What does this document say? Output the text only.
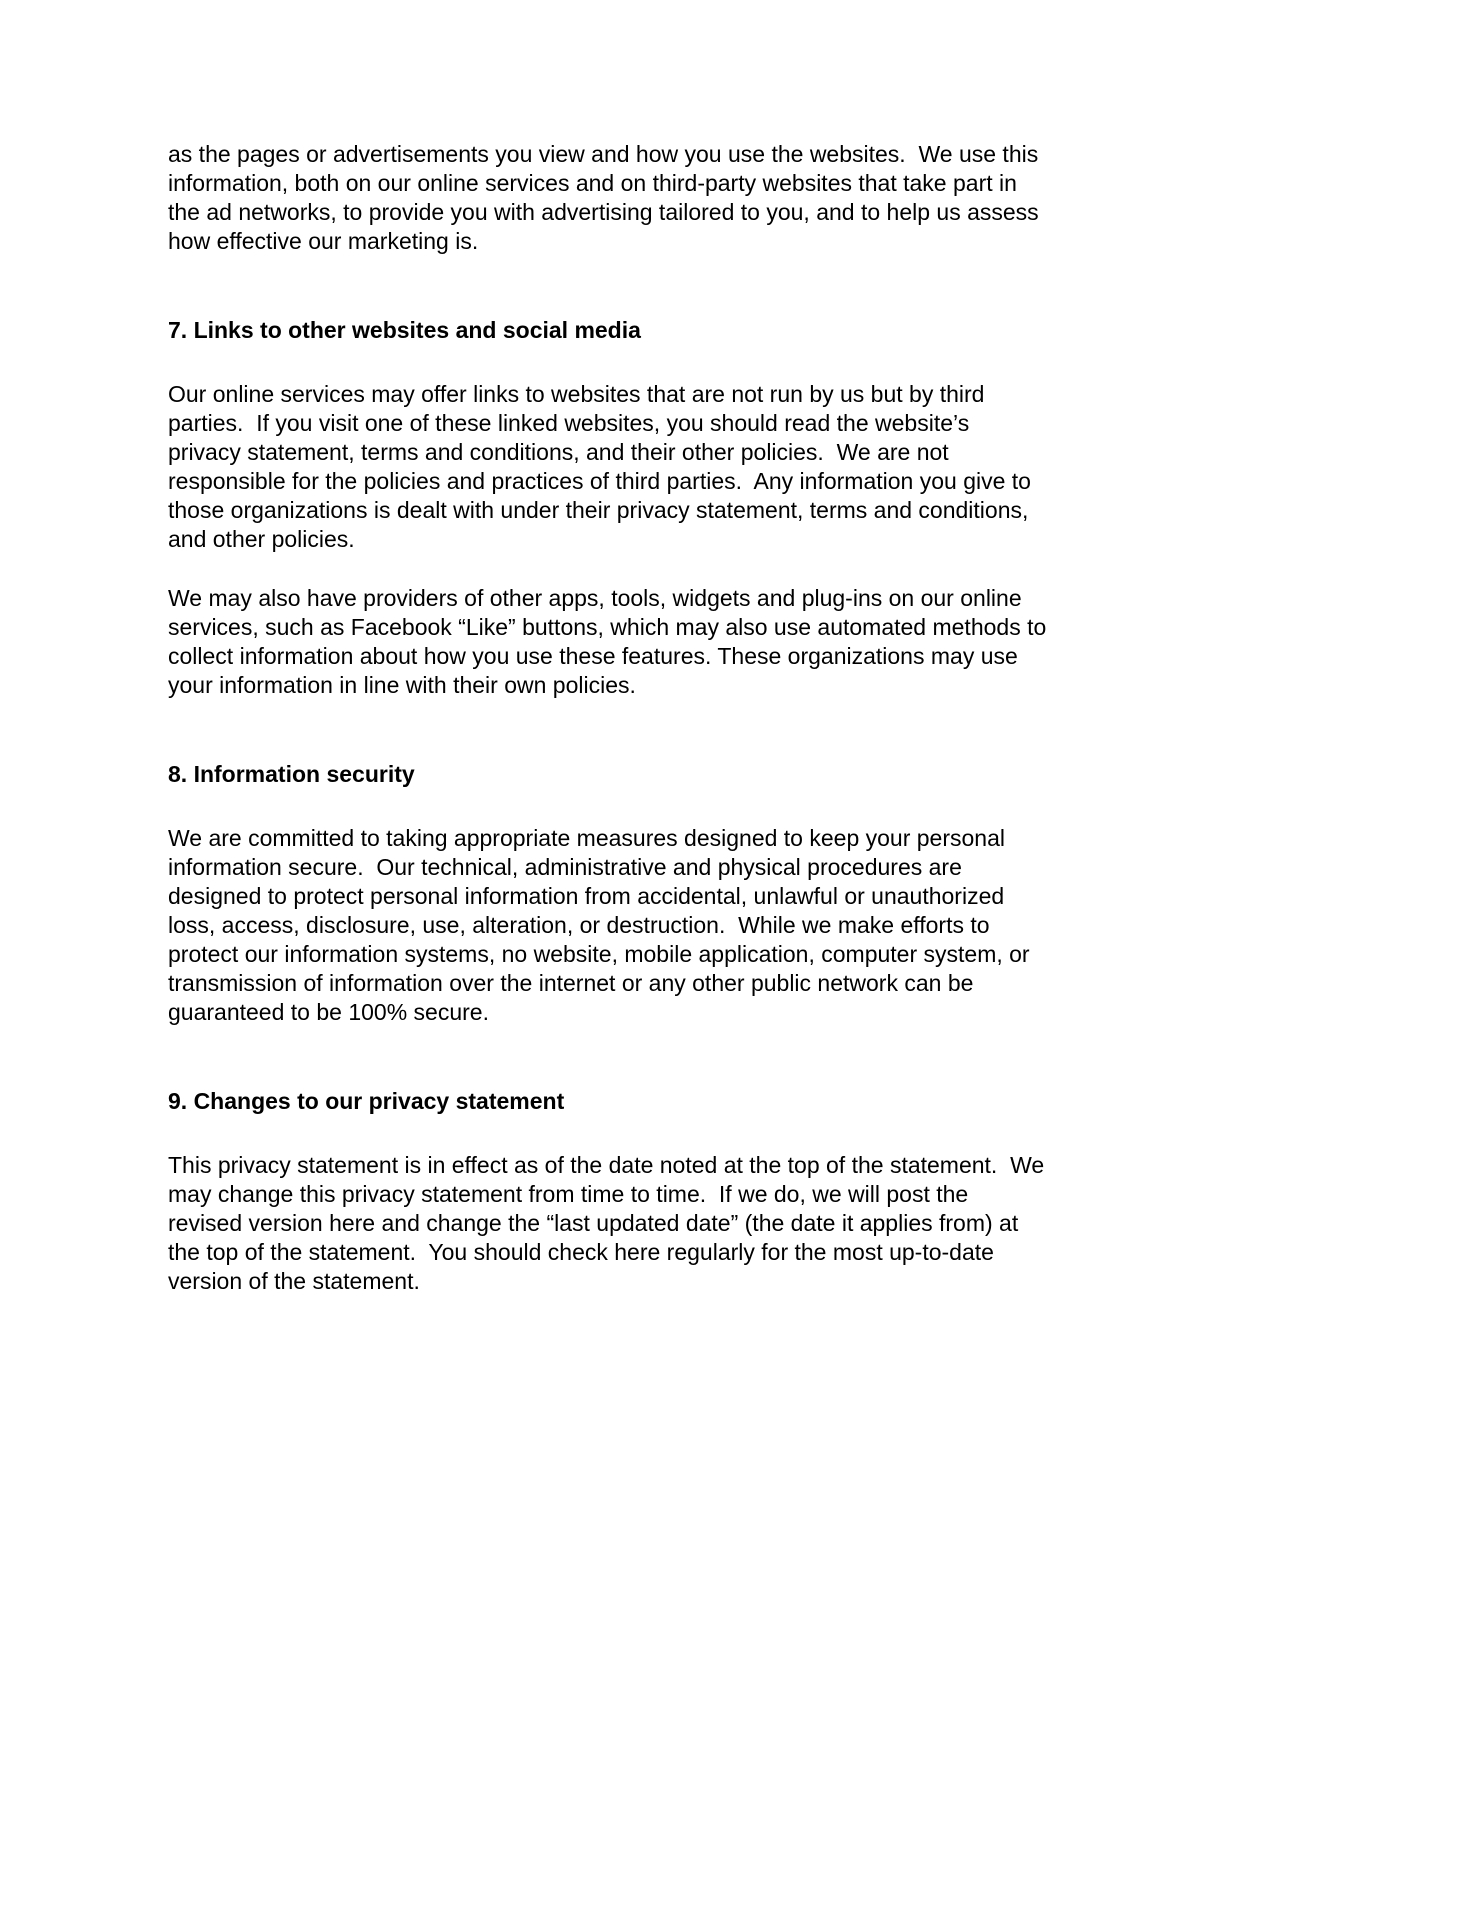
as the pages or advertisements you view and how you use the websites.  We use this information, both on our online services and on third-party websites that take part in the ad networks, to provide you with advertising tailored to you, and to help us assess how effective our marketing is.

7. Links to other websites and social media

Our online services may offer links to websites that are not run by us but by third parties.  If you visit one of these linked websites, you should read the website’s privacy statement, terms and conditions, and their other policies.  We are not responsible for the policies and practices of third parties.  Any information you give to those organizations is dealt with under their privacy statement, terms and conditions, and other policies.

We may also have providers of other apps, tools, widgets and plug-ins on our online services, such as Facebook “Like” buttons, which may also use automated methods to collect information about how you use these features. These organizations may use your information in line with their own policies.

8. Information security

We are committed to taking appropriate measures designed to keep your personal information secure.  Our technical, administrative and physical procedures are designed to protect personal information from accidental, unlawful or unauthorized loss, access, disclosure, use, alteration, or destruction.  While we make efforts to protect our information systems, no website, mobile application, computer system, or transmission of information over the internet or any other public network can be guaranteed to be 100% secure.

9. Changes to our privacy statement

This privacy statement is in effect as of the date noted at the top of the statement.  We may change this privacy statement from time to time.  If we do, we will post the revised version here and change the “last updated date” (the date it applies from) at the top of the statement.  You should check here regularly for the most up-to-date version of the statement.
